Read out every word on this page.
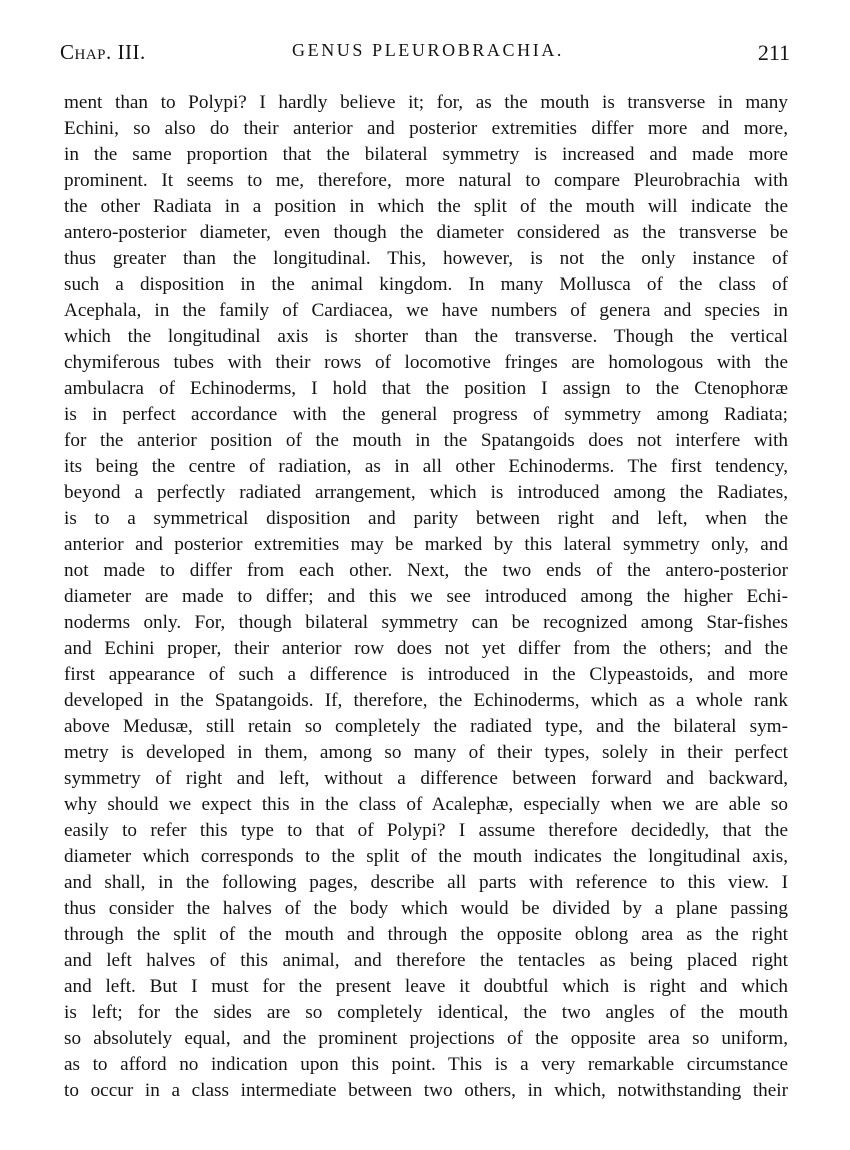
Chap. III.	GENUS PLEUROBRACHIA.	211
ment than to Polypi? I hardly believe it; for, as the mouth is transverse in many
Echini, so also do their anterior and posterior extremities differ more and more,
in the same proportion that the bilateral symmetry is increased and made more
prominent. It seems to me, therefore, more natural to compare Pleurobrachia with
the other Radiata in a position in which the split of the mouth will indicate the
antero-posterior diameter, even though the diameter considered as the transverse be
thus greater than the longitudinal. This, however, is not the only instance of
such a disposition in the animal kingdom. In many Mollusca of the class of
Acephala, in the family of Cardiacea, we have numbers of genera and species in
which the longitudinal axis is shorter than the transverse. Though the vertical
chymiferous tubes with their rows of locomotive fringes are homologous with the
ambulacra of Echinoderms, I hold that the position I assign to the Ctenophoræ
is in perfect accordance with the general progress of symmetry among Radiata;
for the anterior position of the mouth in the Spatangoids does not interfere with
its being the centre of radiation, as in all other Echinoderms. The first tendency,
beyond a perfectly radiated arrangement, which is introduced among the Radiates,
is to a symmetrical disposition and parity between right and left, when the
anterior and posterior extremities may be marked by this lateral symmetry only, and
not made to differ from each other. Next, the two ends of the antero-posterior
diameter are made to differ; and this we see introduced among the higher Echi-
noderms only. For, though bilateral symmetry can be recognized among Star-fishes
and Echini proper, their anterior row does not yet differ from the others; and the
first appearance of such a difference is introduced in the Clypeastoids, and more
developed in the Spatangoids. If, therefore, the Echinoderms, which as a whole rank
above Medusæ, still retain so completely the radiated type, and the bilateral sym-
metry is developed in them, among so many of their types, solely in their perfect
symmetry of right and left, without a difference between forward and backward,
why should we expect this in the class of Acalephæ, especially when we are able so
easily to refer this type to that of Polypi? I assume therefore decidedly, that the
diameter which corresponds to the split of the mouth indicates the longitudinal axis,
and shall, in the following pages, describe all parts with reference to this view. I
thus consider the halves of the body which would be divided by a plane passing
through the split of the mouth and through the opposite oblong area as the right
and left halves of this animal, and therefore the tentacles as being placed right
and left. But I must for the present leave it doubtful which is right and which
is left; for the sides are so completely identical, the two angles of the mouth
so absolutely equal, and the prominent projections of the opposite area so uniform,
as to afford no indication upon this point. This is a very remarkable circumstance
to occur in a class intermediate between two others, in which, notwithstanding their
